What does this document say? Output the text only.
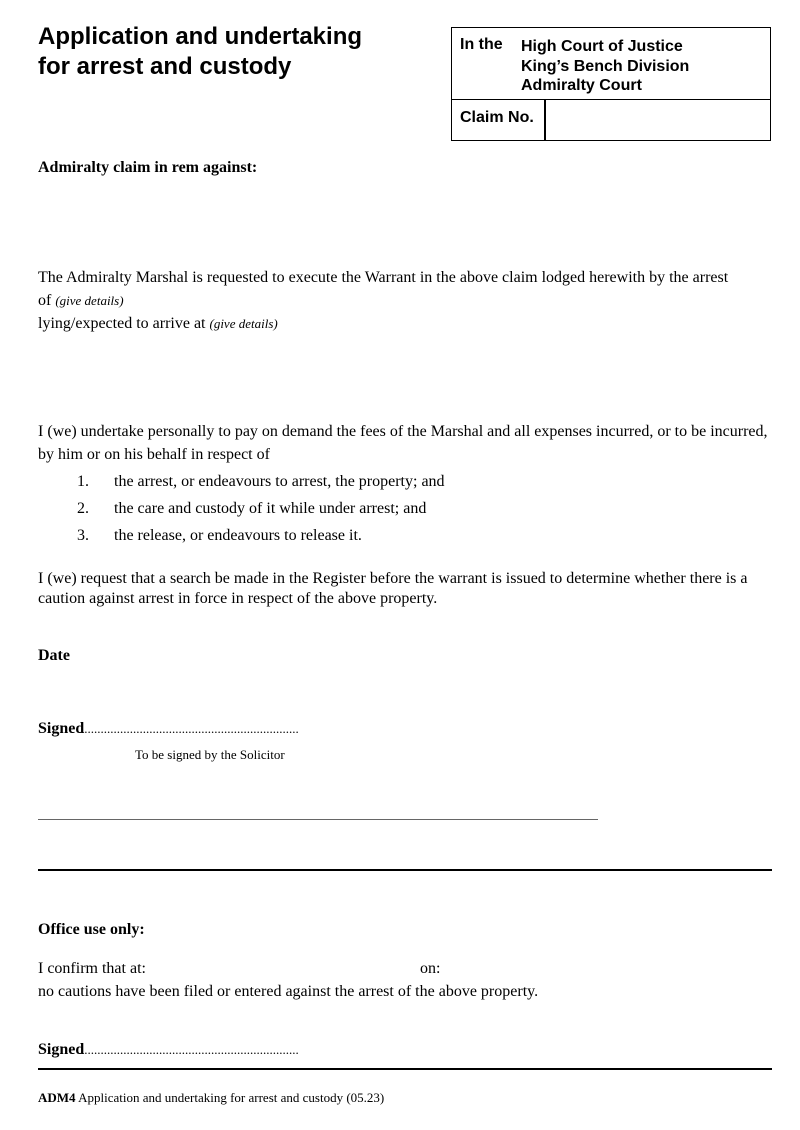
Application and undertaking
for arrest and custody
In the High Court of Justice
King’s Bench Division
Admiralty Court
Claim No.
Admiralty claim in rem against:
The Admiralty Marshal is requested to execute the Warrant in the above claim lodged herewith by the arrest
of (give details)
lying/expected to arrive at (give details)
I (we) undertake personally to pay on demand the fees of the Marshal and all expenses incurred, or to be incurred,
by him or on his behalf in respect of
1. the arrest, or endeavours to arrest, the property; and
2. the care and custody of it while under arrest; and
3. the release, or endeavours to release it.
I (we) request that a search be made in the Register before the warrant is issued to determine whether there is a
caution against arrest in force in respect of the above property.
Date
Signed..................................................................
To be signed by the Solicitor
Office use only:
I confirm that at:	on:
no cautions have been filed or entered against the arrest of the above property.
Signed..................................................................
ADM4 Application and undertaking for arrest and custody (05.23)
